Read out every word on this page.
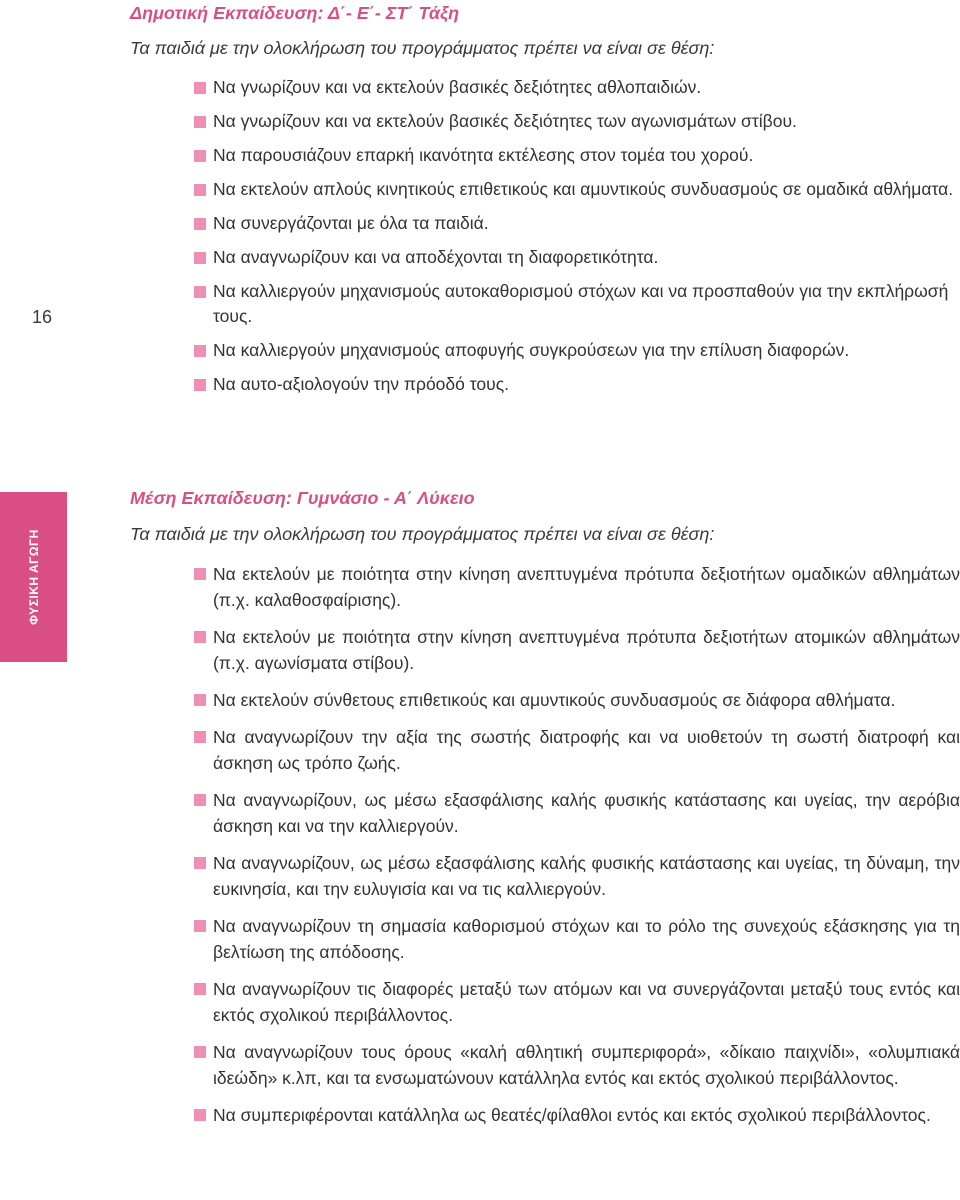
16
ΦΥΣΙΚΗ ΑΓΩΓΗ
Δημοτική Εκπαίδευση: Δ΄- Ε΄- ΣΤ΄ Τάξη
Τα παιδιά με την ολοκλήρωση του προγράμματος πρέπει να είναι σε θέση:
Να γνωρίζουν και να εκτελούν βασικές δεξιότητες αθλοπαιδιών.
Να γνωρίζουν και να εκτελούν βασικές δεξιότητες των αγωνισμάτων στίβου.
Να παρουσιάζουν επαρκή ικανότητα εκτέλεσης στον τομέα του χορού.
Να εκτελούν απλούς κινητικούς επιθετικούς και αμυντικούς συνδυασμούς σε ομαδικά αθλήματα.
Να συνεργάζονται με όλα τα παιδιά.
Να αναγνωρίζουν και να αποδέχονται τη διαφορετικότητα.
Να καλλιεργούν μηχανισμούς αυτοκαθορισμού στόχων και να προσπαθούν για την εκπλήρωσή τους.
Να καλλιεργούν μηχανισμούς αποφυγής συγκρούσεων για την επίλυση διαφορών.
Να αυτο-αξιολογούν την πρόοδό τους.
Μέση Εκπαίδευση: Γυμνάσιο - Α΄ Λύκειο
Τα παιδιά με την ολοκλήρωση του προγράμματος πρέπει να είναι σε θέση:
Να εκτελούν με ποιότητα στην κίνηση ανεπτυγμένα πρότυπα δεξιοτήτων ομαδικών αθλημάτων (π.χ. καλαθοσφαίρισης).
Να εκτελούν με ποιότητα στην κίνηση ανεπτυγμένα πρότυπα δεξιοτήτων ατομικών αθλημάτων (π.χ. αγωνίσματα στίβου).
Να εκτελούν σύνθετους επιθετικούς και αμυντικούς συνδυασμούς σε διάφορα αθλήματα.
Να αναγνωρίζουν την αξία της σωστής διατροφής και να υιοθετούν τη σωστή διατροφή και άσκηση ως τρόπο ζωής.
Να αναγνωρίζουν, ως μέσω εξασφάλισης καλής φυσικής κατάστασης και υγείας, την αερόβια άσκηση και να την καλλιεργούν.
Να αναγνωρίζουν, ως μέσω εξασφάλισης καλής φυσικής κατάστασης και υγείας, τη δύναμη, την ευκινησία, και την ευλυγισία και να τις καλλιεργούν.
Να αναγνωρίζουν τη σημασία καθορισμού στόχων και το ρόλο της συνεχούς εξάσκησης για τη βελτίωση της απόδοσης.
Να αναγνωρίζουν τις διαφορές μεταξύ των ατόμων και να συνεργάζονται μεταξύ τους εντός και εκτός σχολικού περιβάλλοντος.
Να αναγνωρίζουν τους όρους «καλή αθλητική συμπεριφορά», «δίκαιο παιχνίδι», «ολυμπιακά ιδεώδη» κ.λπ, και τα ενσωματώνουν κατάλληλα εντός και εκτός σχολικού περιβάλλοντος.
Να συμπεριφέρονται κατάλληλα ως θεατές/φίλαθλοι εντός και εκτός σχολικού περιβάλλοντος.
